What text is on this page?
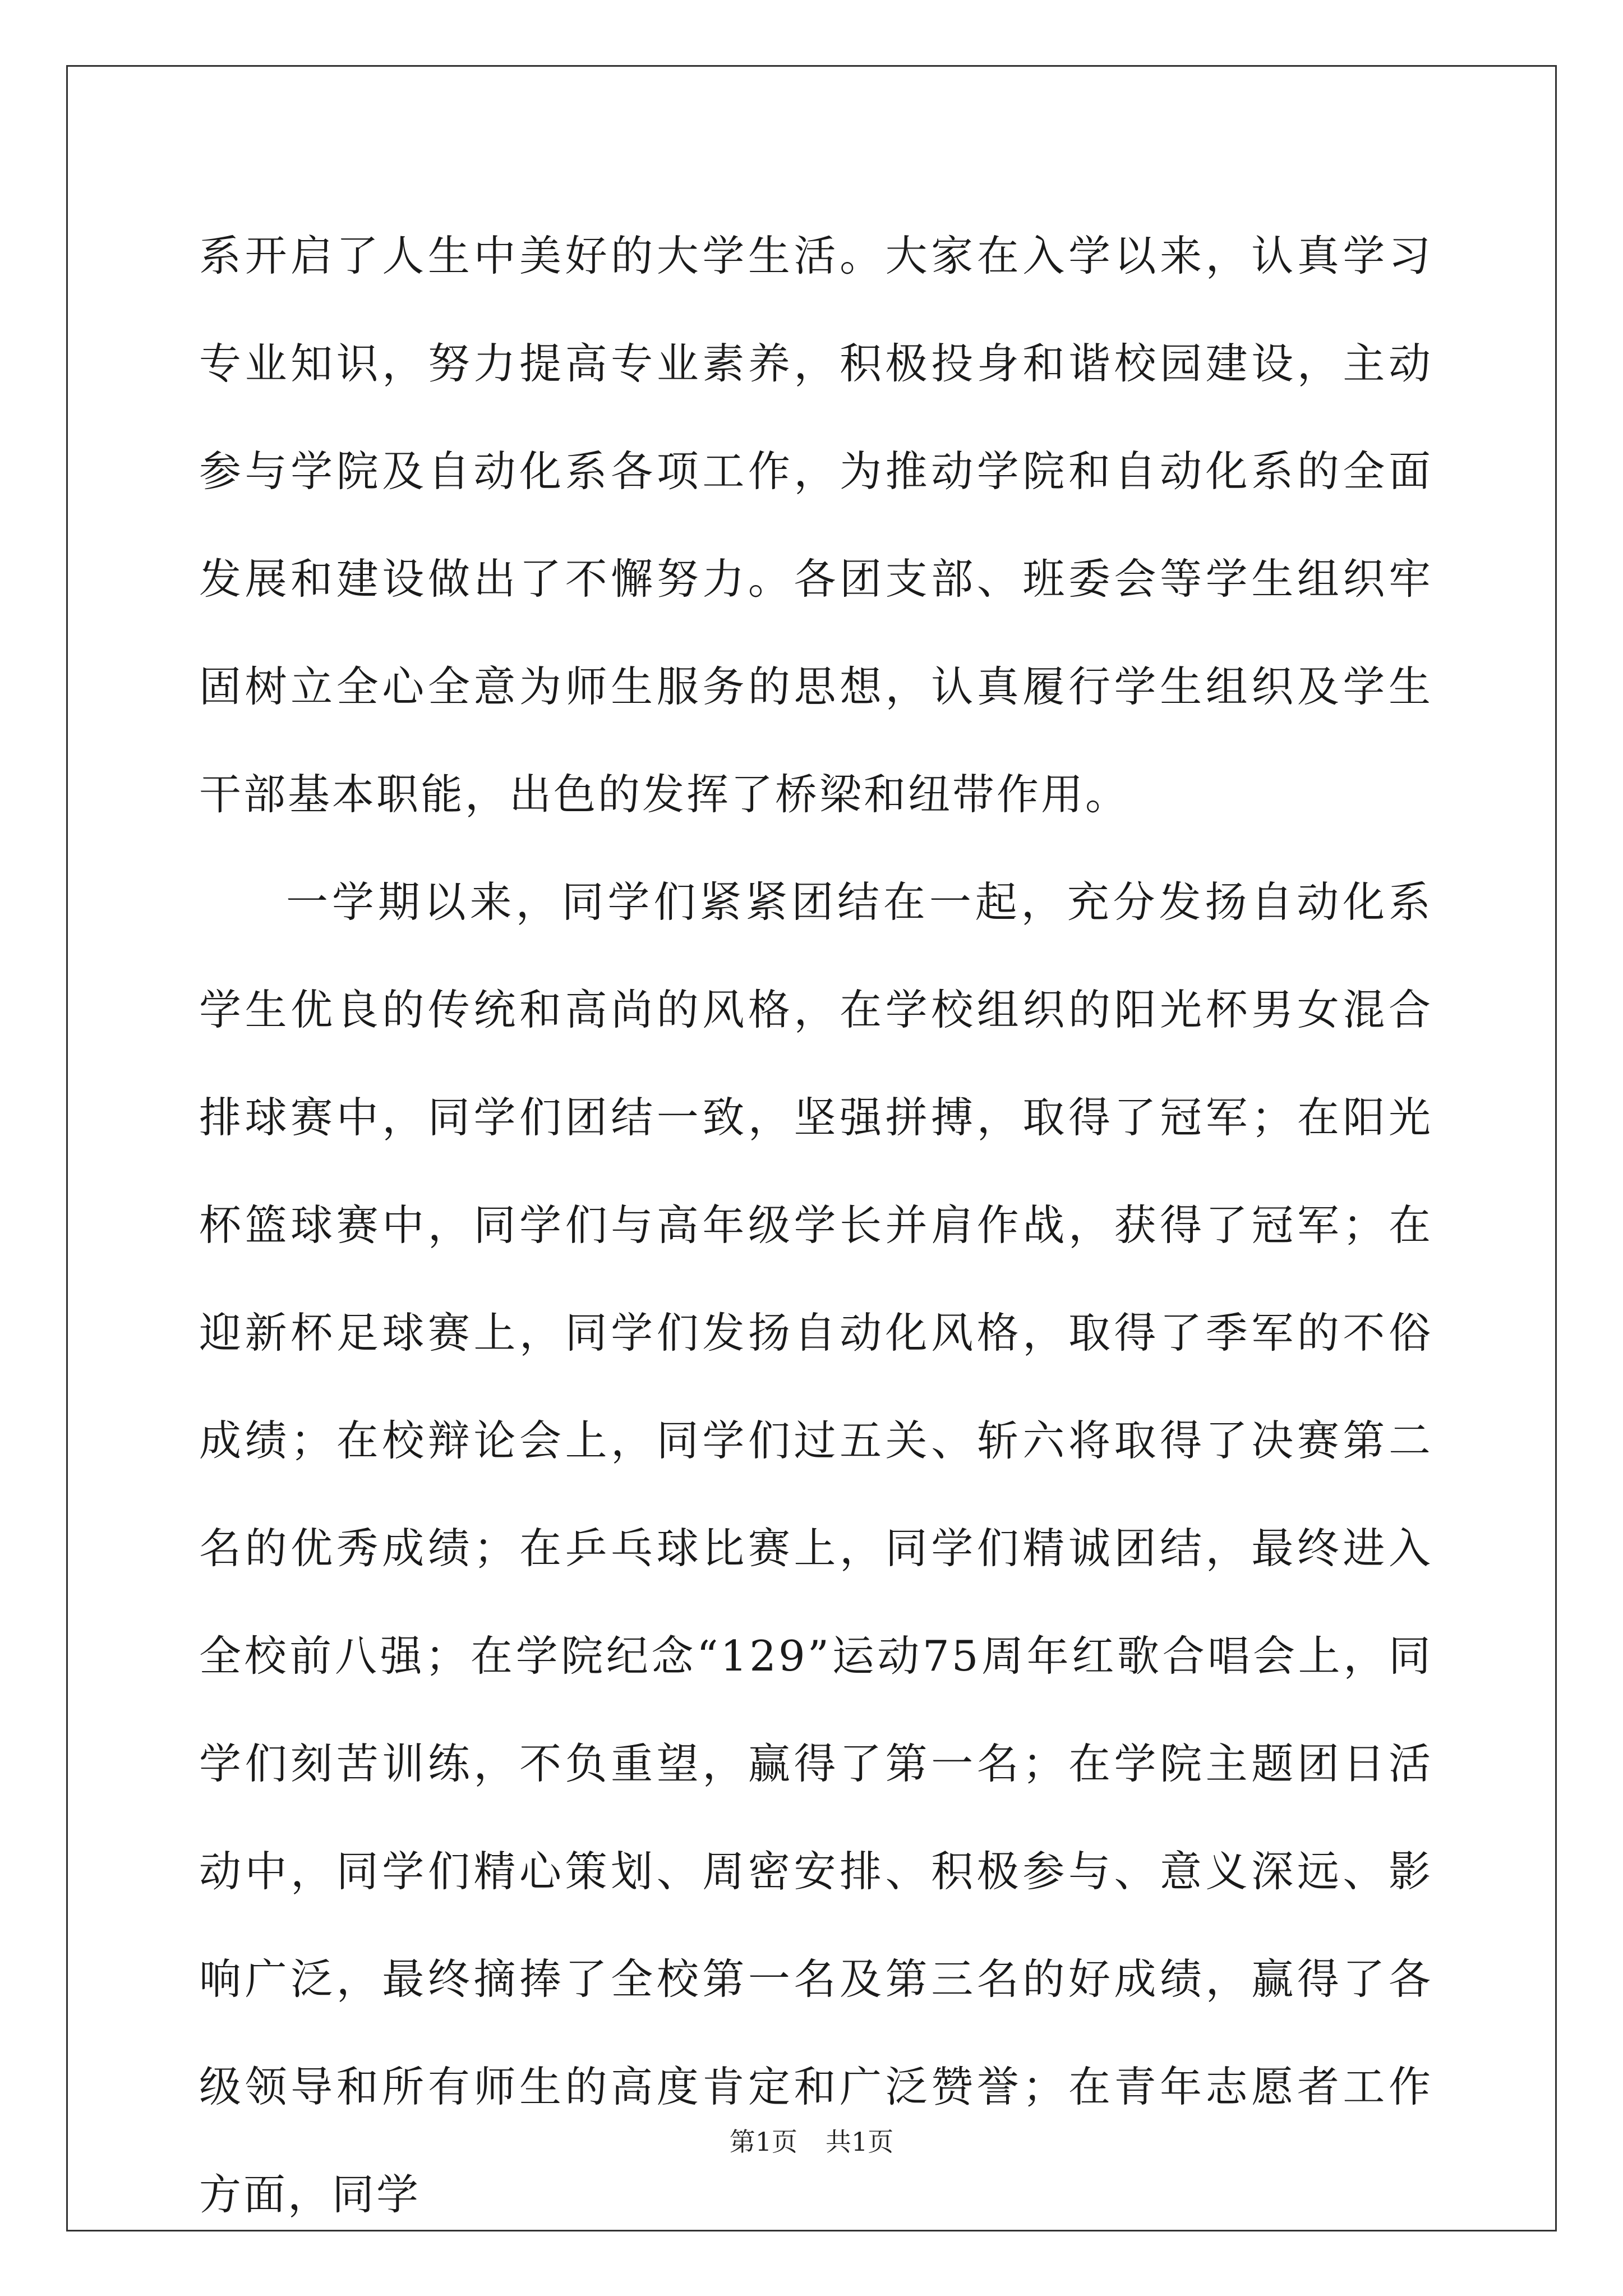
系开启了人生中美好的大学生活。大家在入学以来，认真学习专业知识，努力提高专业素养，积极投身和谐校园建设，主动参与学院及自动化系各项工作，为推动学院和自动化系的全面发展和建设做出了不懈努力。各团支部、班委会等学生组织牢固树立全心全意为师生服务的思想，认真履行学生组织及学生干部基本职能，出色的发挥了桥梁和纽带作用。

一学期以来，同学们紧紧团结在一起，充分发扬自动化系学生优良的传统和高尚的风格，在学校组织的阳光杯男女混合排球赛中，同学们团结一致，坚强拼搏，取得了冠军；在阳光杯篮球赛中，同学们与高年级学长并肩作战，获得了冠军；在迎新杯足球赛上，同学们发扬自动化风格，取得了季军的不俗成绩；在校辩论会上，同学们过五关、斩六将取得了决赛第二名的优秀成绩；在乒乓球比赛上，同学们精诚团结，最终进入全校前八强；在学院纪念“129”运动75周年红歌合唱会上，同学们刻苦训练，不负重望，赢得了第一名；在学院主题团日活动中，同学们精心策划、周密安排、积极参与、意义深远、影响广泛，最终摘捧了全校第一名及第三名的好成绩，赢得了各级领导和所有师生的高度肯定和广泛赞誉；在青年志愿者工作方面，同学

第1页 共1页
